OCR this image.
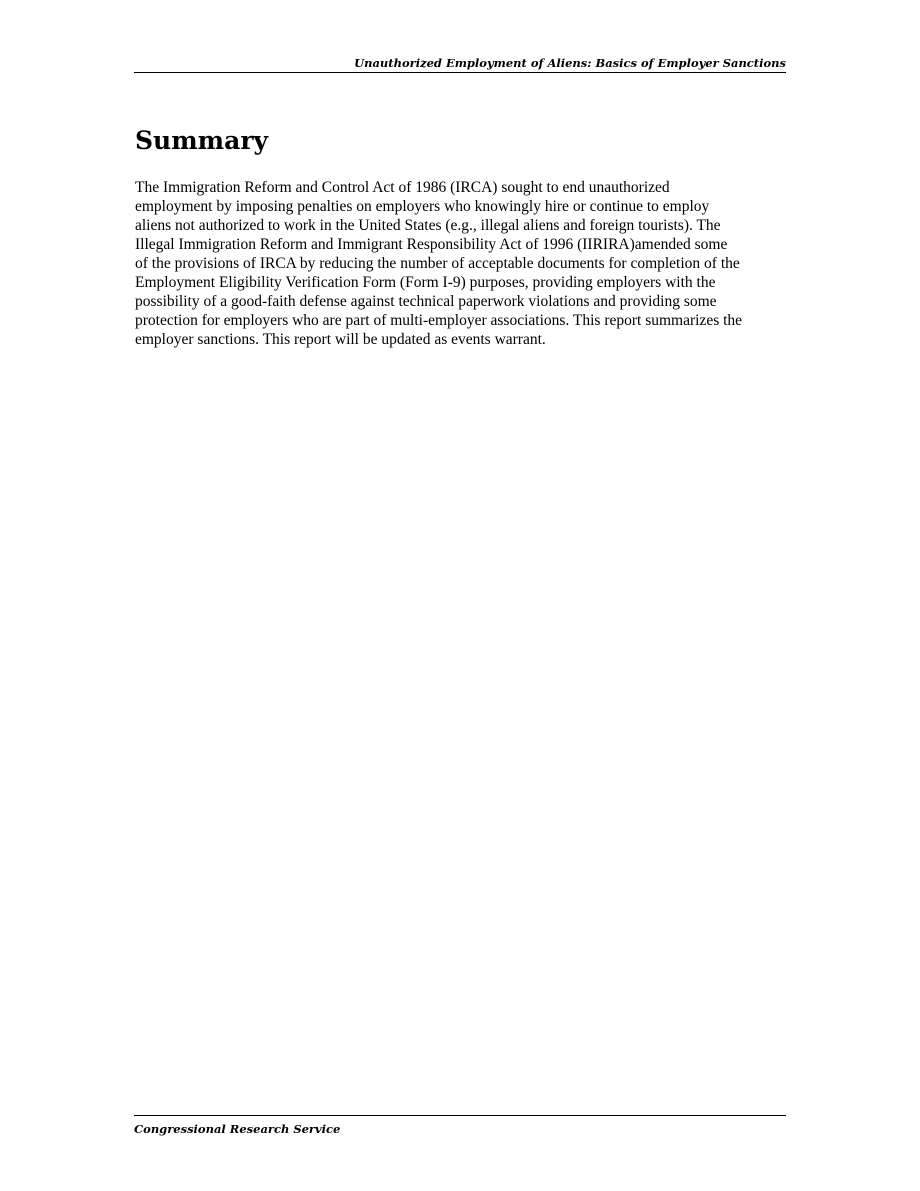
Unauthorized Employment of Aliens: Basics of Employer Sanctions
Summary

The Immigration Reform and Control Act of 1986 (IRCA) sought to end unauthorized
employment by imposing penalties on employers who knowingly hire or continue to employ
aliens not authorized to work in the United States (e.g., illegal aliens and foreign tourists). The
Illegal Immigration Reform and Immigrant Responsibility Act of 1996 (IIRIRA)amended some
of the provisions of IRCA by reducing the number of acceptable documents for completion of the
Employment Eligibility Verification Form (Form I-9) purposes, providing employers with the
possibility of a good-faith defense against technical paperwork violations and providing some
protection for employers who are part of multi-employer associations. This report summarizes the
employer sanctions. This report will be updated as events warrant.

Congressional Research Service
